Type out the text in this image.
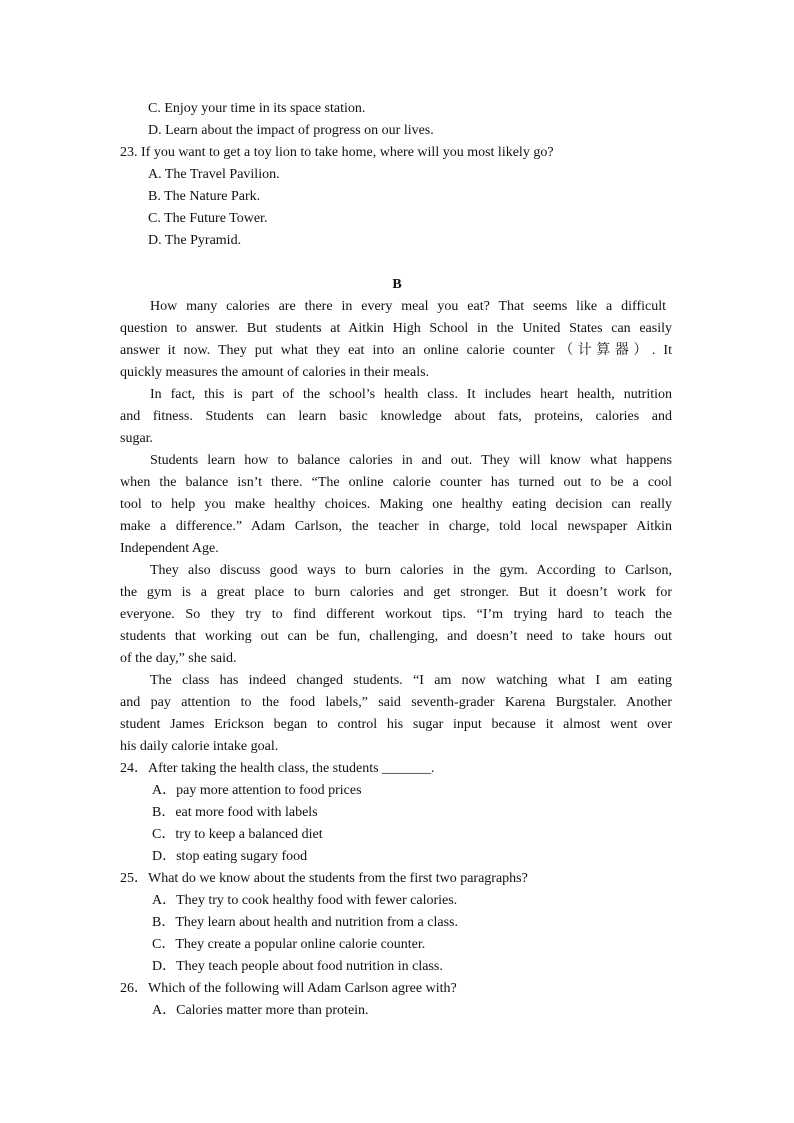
C. Enjoy your time in its space station.
D. Learn about the impact of progress on our lives.
23. If you want to get a toy lion to take home, where will you most likely go?
A. The Travel Pavilion.
B. The Nature Park.
C. The Future Tower.
D. The Pyramid.
B
How many calories are there in every meal you eat? That seems like a difficult
question to answer. But students at Aitkin High School in the United States can easily
answer it now. They put what they eat into an online calorie counter（计算器）. It
quickly measures the amount of calories in their meals.
In fact, this is part of the school’s health class. It includes heart health, nutrition
and fitness. Students can learn basic knowledge about fats, proteins, calories and
sugar.
Students learn how to balance calories in and out. They will know what happens
when the balance isn’t there. “The online calorie counter has turned out to be a cool
tool to help you make healthy choices. Making one healthy eating decision can really
make a difference.” Adam Carlson, the teacher in charge, told local newspaper Aitkin
Independent Age.
They also discuss good ways to burn calories in the gym. According to Carlson,
the gym is a great place to burn calories and get stronger. But it doesn’t work for
everyone. So they try to find different workout tips. “I’m trying hard to teach the
students that working out can be fun, challenging, and doesn’t need to take hours out
of the day,” she said.
The class has indeed changed students. “I am now watching what I am eating
and pay attention to the food labels,” said seventh-grader Karena Burgstaler. Another
student James Erickson began to control his sugar input because it almost went over
his daily calorie intake goal.
24．After taking the health class, the students _______.
A．pay more attention to food prices
B．eat more food with labels
C．try to keep a balanced diet
D．stop eating sugary food
25．What do we know about the students from the first two paragraphs?
A．They try to cook healthy food with fewer calories.
B．They learn about health and nutrition from a class.
C．They create a popular online calorie counter.
D．They teach people about food nutrition in class.
26．Which of the following will Adam Carlson agree with?
A．Calories matter more than protein.
